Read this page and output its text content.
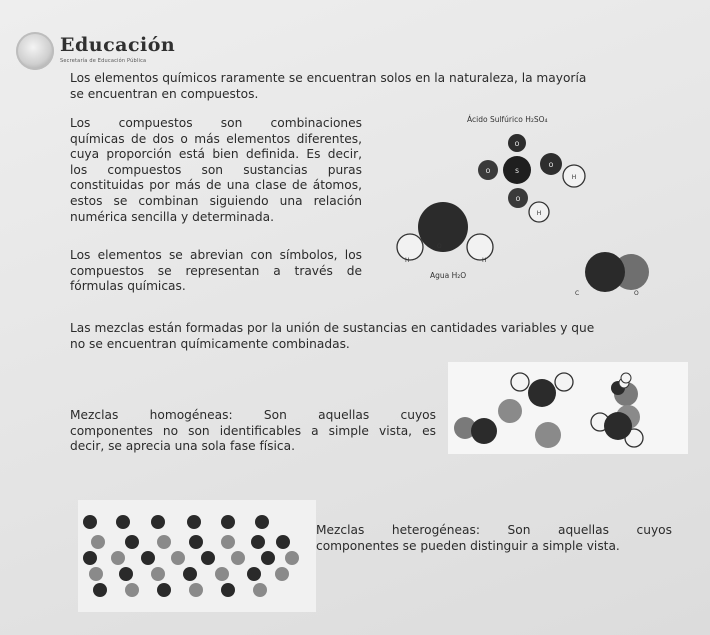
Educación
Secretaría de Educación Pública
Los elementos químicos raramente se encuentran solos en la naturaleza, la mayoría
se encuentran en compuestos.
Los compuestos son combinaciones
químicas de dos o más elementos diferentes,
cuya proporción está bien definida. Es decir,
los compuestos son sustancias puras
constituidas por más de una clase de átomos,
estos se combinan siguiendo una relación
numérica sencilla y determinada.
Los elementos se abrevian con símbolos, los
compuestos se representan a través de
fórmulas químicas.
Ácido Sulfúrico H₂SO₄
O
O	S
O
H
O
H
H
O
H
Agua H₂O
C	O
Las mezclas están formadas por la unión de sustancias en cantidades variables y que
no se encuentran químicamente combinadas.
Mezclas homogéneas: Son aquellas cuyos
componentes no son identificables a simple vista, es
decir, se aprecia una sola fase física.
Mezclas heterogéneas: Son aquellas cuyos
componentes se pueden distinguir a simple vista.
